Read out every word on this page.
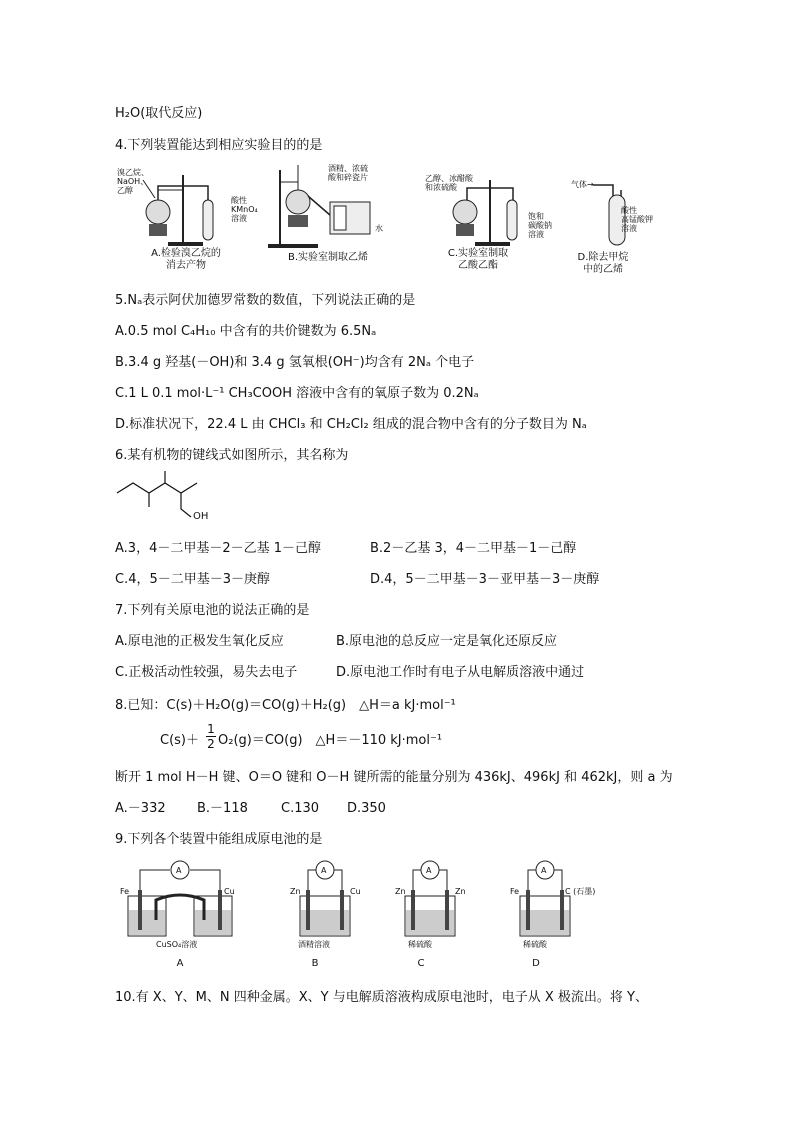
H₂O(取代反应)
4.下列装置能达到相应实验目的的是
溴乙烷、
NaOH、
乙醇
酸性
KMnO₄
溶液
A.检验溴乙烷的
消去产物
酒精、浓硫
酸和碎瓷片
水
B.实验室制取乙烯
乙醇、冰醋酸
和浓硫酸
饱和
碳酸钠
溶液
C.实验室制取
乙酸乙酯
气体→
酸性
高锰酸钾
溶液
D.除去甲烷
中的乙烯
5.Nₐ表示阿伏加德罗常数的数值，下列说法正确的是
A.0.5 mol C₄H₁₀ 中含有的共价键数为 6.5Nₐ
B.3.4 g 羟基(－OH)和 3.4 g 氢氧根(OH⁻)均含有 2Nₐ 个电子
C.1 L 0.1 mol·L⁻¹ CH₃COOH 溶液中含有的氧原子数为 0.2Nₐ
D.标准状况下，22.4 L 由 CHCl₃ 和 CH₂Cl₂ 组成的混合物中含有的分子数目为 Nₐ
6.某有机物的键线式如图所示，其名称为
OH
A.3，4－二甲基－2－乙基 1－己醇	B.2－乙基 3，4－二甲基－1－己醇
C.4，5－二甲基－3－庚醇	D.4，5－二甲基－3－亚甲基－3－庚醇
7.下列有关原电池的说法正确的是
A.原电池的正极发生氧化反应	B.原电池的总反应一定是氧化还原反应
C.正极活动性较强，易失去电子	D.原电池工作时有电子从电解质溶液中通过
8.已知：C(s)＋H₂O(g)＝CO(g)＋H₂(g)　△H＝a kJ·mol⁻¹
$C(s)+ \frac{1}{2} O_2(g)=CO(g)$　△H＝－110 kJ·mol⁻¹
断开 1 mol H－H 键、O＝O 键和 O－H 键所需的能量分别为 436kJ、496kJ 和 462kJ，则 a 为
A.－332 B.－118	C.130 D.350
9.下列各个装置中能组成原电池的是
Fe	Cu
A
CuSO₄溶液
A
Zn	Cu
A
酒精溶液
B
Zn	Zn
A
稀硫酸
C
Fe	C (石墨)
A
稀硫酸
D
10.有 X、Y、M、N 四种金属。X、Y 与电解质溶液构成原电池时，电子从 X 极流出。将 Y、
